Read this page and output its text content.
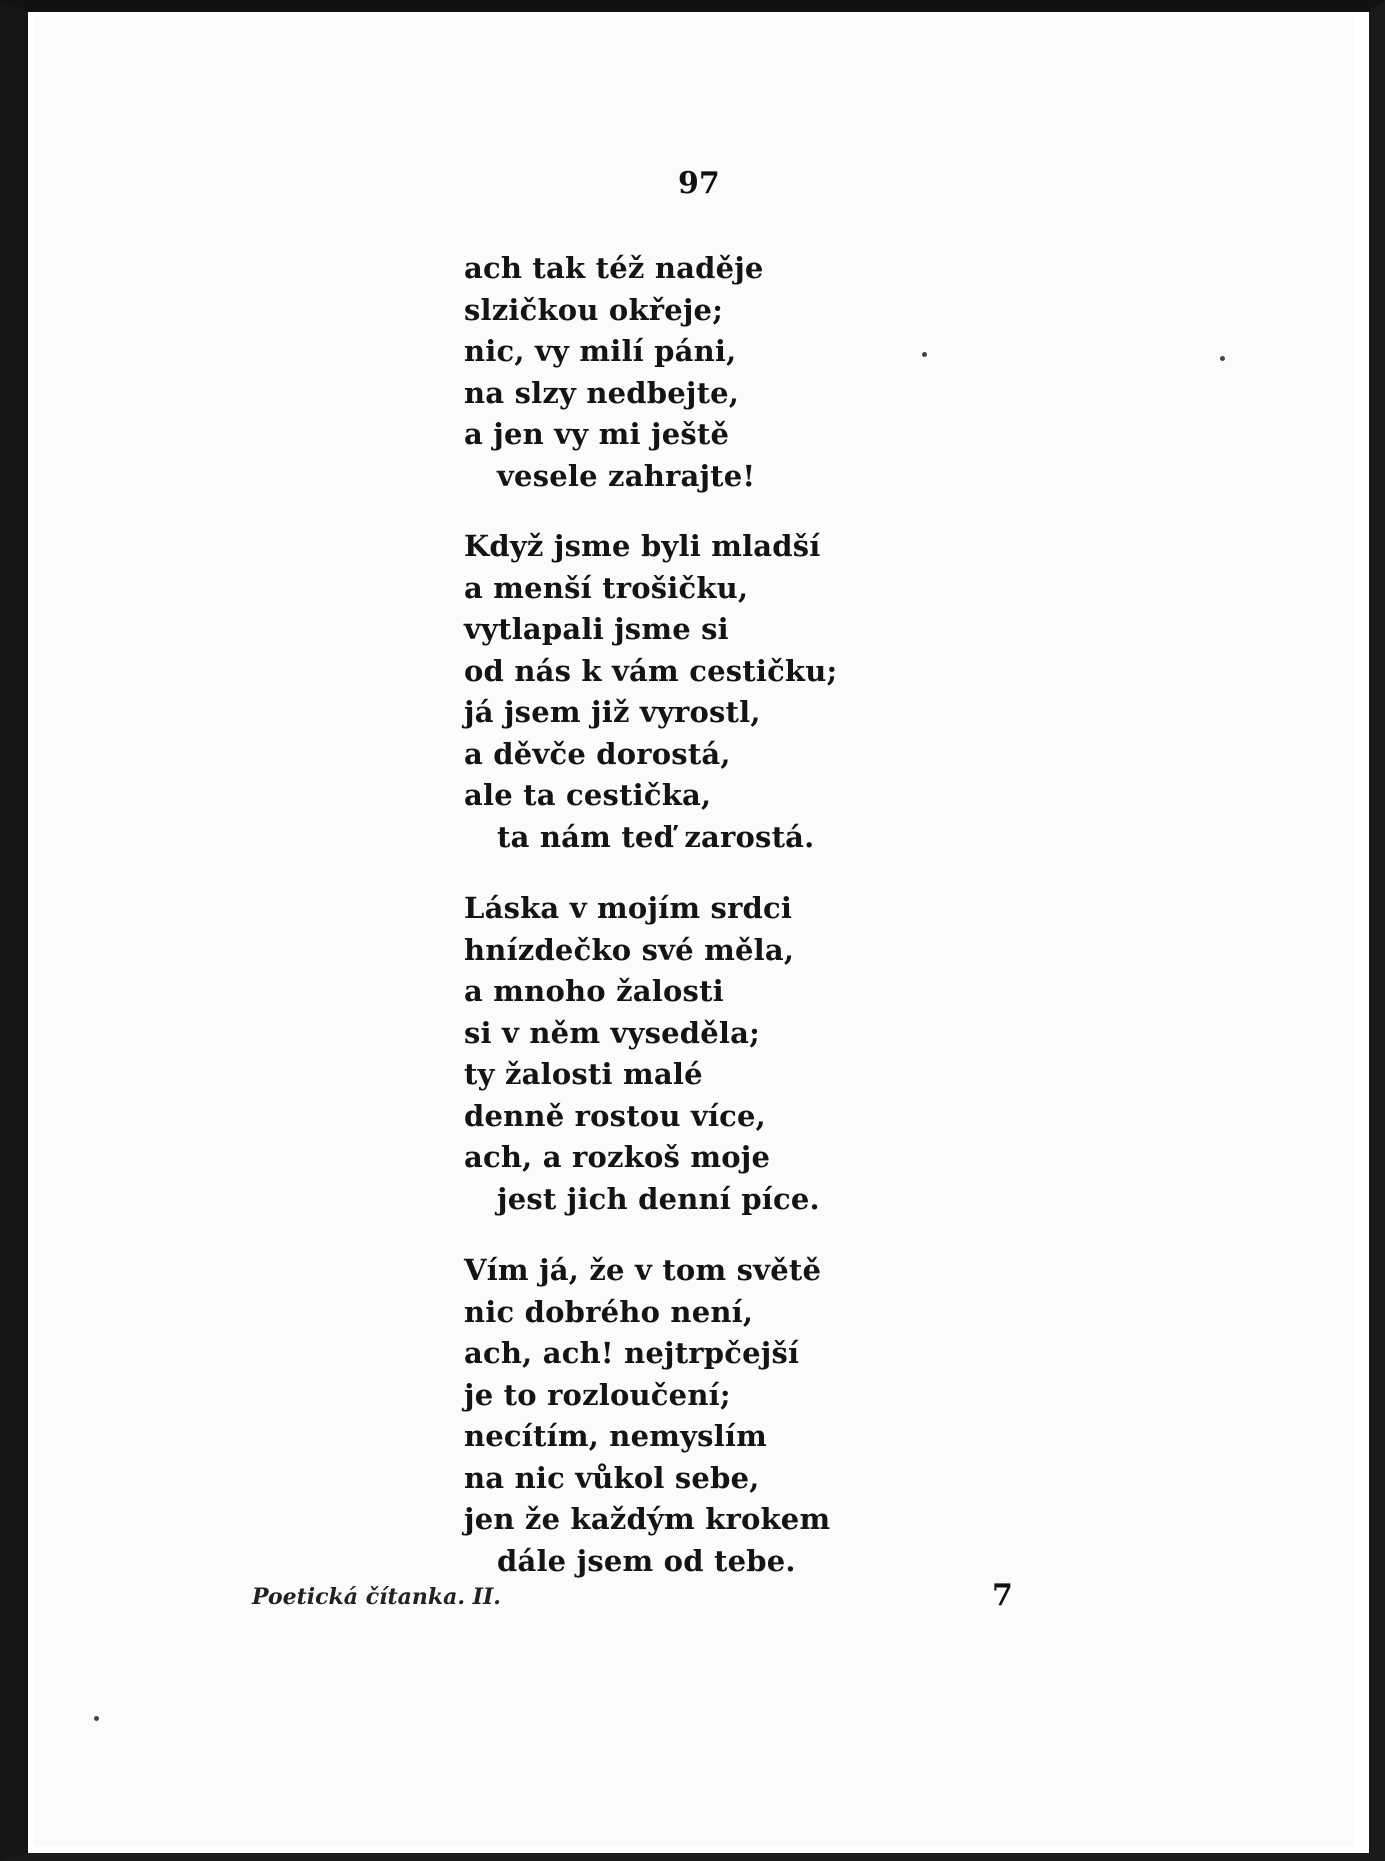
97
ach tak též naděje
slzičkou okřeje;
nic, vy milí páni,
na slzy nedbejte,
a jen vy mi ještě
vesele zahrajte!
Když jsme byli mladší
a menší trošičku,
vytlapali jsme si
od nás k vám cestičku;
já jsem již vyrostl,
a děvče dorostá,
ale ta cestička,
ta nám teď zarostá.
Láska v mojím srdci
hnízdečko své měla,
a mnoho žalosti
si v něm vyseděla;
ty žalosti malé
denně rostou více,
ach, a rozkoš moje
jest jich denní píce.
Vím já, že v tom světě
nic dobrého není,
ach, ach! nejtrpčejší
je to rozloučení;
necítím, nemyslím
na nic vůkol sebe,
jen že každým krokem
dále jsem od tebe.
Poetická čítanka. II.	7
